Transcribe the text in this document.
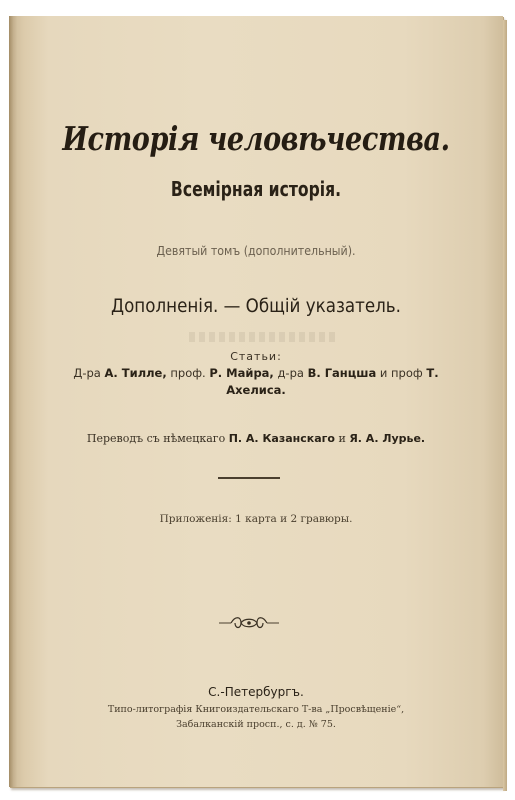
Исторія человѣчества.
Всемірная исторія.
Девятый томъ (дополнительный).
Дополненія. — Общій указатель.
Статьи:
Д-ра А. Тилле, проф. Р. Майра, д-ра В. Ганцша и проф Т.
Ахелиса.
Переводъ съ нѣмецкаго П. А. Казанскаго и Я. А. Лурье.
Приложенія: 1 карта и 2 гравюры.
С.-Петербургъ.
Типо-литографія Книгоиздательскаго Т-ва „Просвѣщеніе“,
Забалканскій просп., с. д. № 75.
